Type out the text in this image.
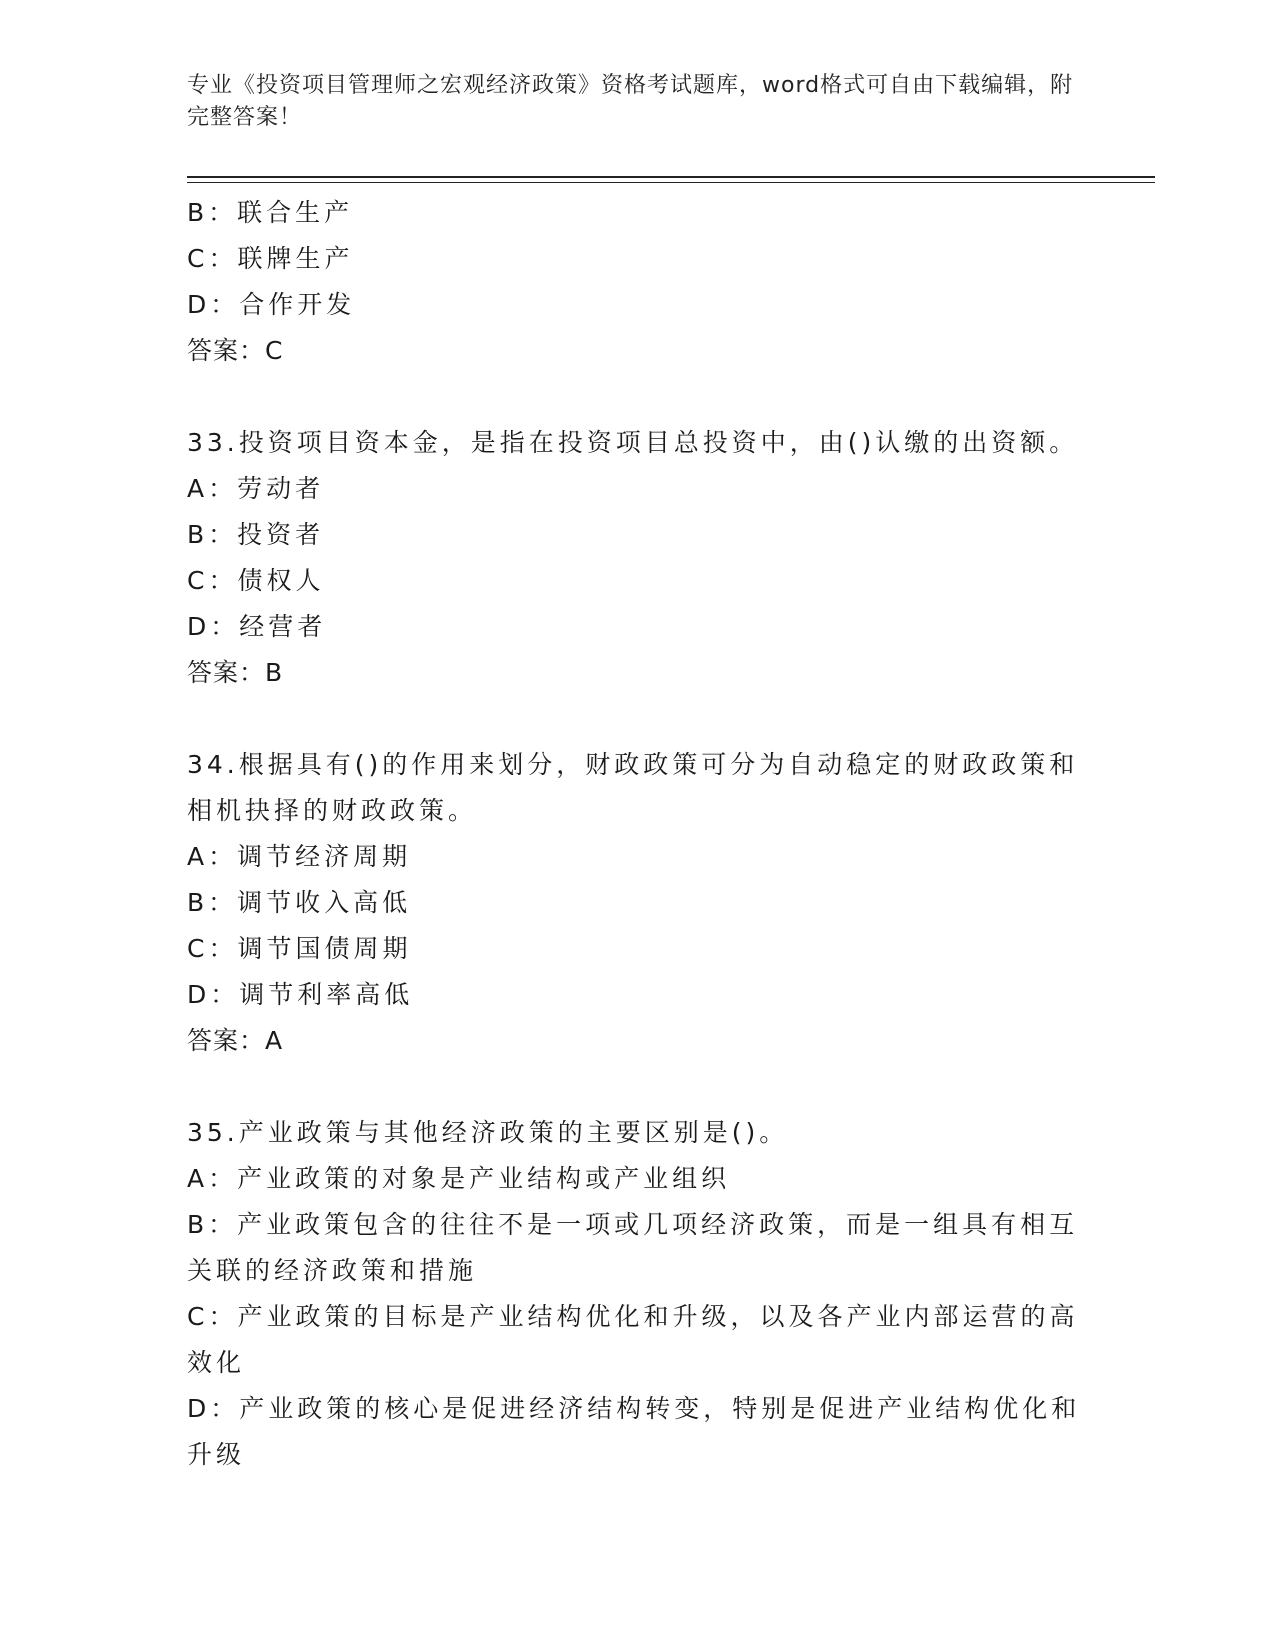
专业《投资项目管理师之宏观经济政策》资格考试题库，word格式可自由下载编辑，附完整答案！
B：联合生产
C：联牌生产
D：合作开发
答案：C
33.投资项目资本金，是指在投资项目总投资中，由()认缴的出资额。
A：劳动者
B：投资者
C：债权人
D：经营者
答案：B
34.根据具有()的作用来划分，财政政策可分为自动稳定的财政政策和
相机抉择的财政政策。
A：调节经济周期
B：调节收入高低
C：调节国债周期
D：调节利率高低
答案：A
35.产业政策与其他经济政策的主要区别是()。
A：产业政策的对象是产业结构或产业组织
B：产业政策包含的往往不是一项或几项经济政策，而是一组具有相互
关联的经济政策和措施
C：产业政策的目标是产业结构优化和升级，以及各产业内部运营的高
效化
D：产业政策的核心是促进经济结构转变，特别是促进产业结构优化和
升级
